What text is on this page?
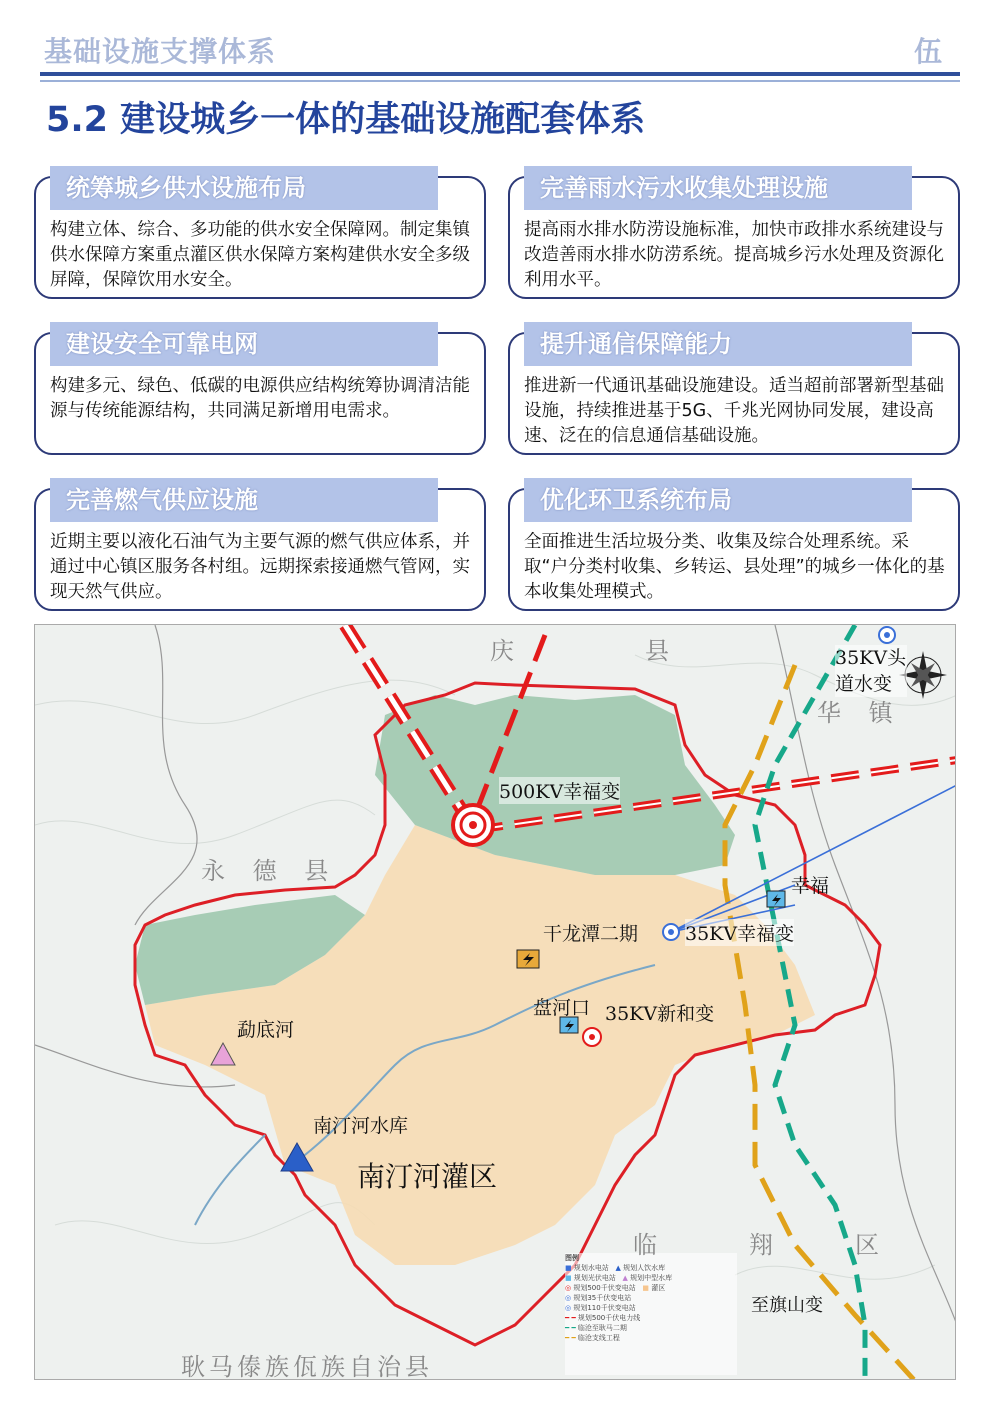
基础设施支撑体系	伍
5.2 建设城乡一体的基础设施配套体系
统筹城乡供水设施布局
构建立体、综合、多功能的供水安全保障网。制定集镇供水保障方案重点灌区供水保障方案构建供水安全多级屏障，保障饮用水安全。
完善雨水污水收集处理设施
提高雨水排水防涝设施标准，加快市政排水系统建设与改造善雨水排水防涝系统。提高城乡污水处理及资源化利用水平。
建设安全可靠电网
构建多元、绿色、低碳的电源供应结构统筹协调清洁能源与传统能源结构，共同满足新增用电需求。
提升通信保障能力
推进新一代通讯基础设施建设。适当超前部署新型基础设施，持续推进基于5G、千兆光网协同发展，建设高速、泛在的信息通信基础设施。
完善燃气供应设施
近期主要以液化石油气为主要气源的燃气供应体系，并通过中心镇区服务各村组。远期探索接通燃气管网，实现天然气供应。
优化环卫系统布局
全面推进生活垃圾分类、收集及综合处理系统。采取“户分类村收集、乡转运、县处理”的城乡一体化的基本收集处理模式。
庆	县
永 德 县
华 镇
临	翔	区
耿马傣族佤族自治县
500KV幸福变
35KV头道水变
幸福
干龙潭二期 35KV幸福变
盘河口 35KV新和变
勐底河
南汀河水库
南汀河灌区
至旗山变
图例
■ 规划水电站 ▲ 规划人饮水库
■ 规划光伏电站 ▲ 规划中型水库
◎ 规划500千伏变电站 ■ 灌区
◎ 规划35千伏变电站
◎ 规划110千伏变电站
━ ━ 规划500千伏电力线
━ ━ 临沧至耿马二期
━ ━ 临沧支线工程
